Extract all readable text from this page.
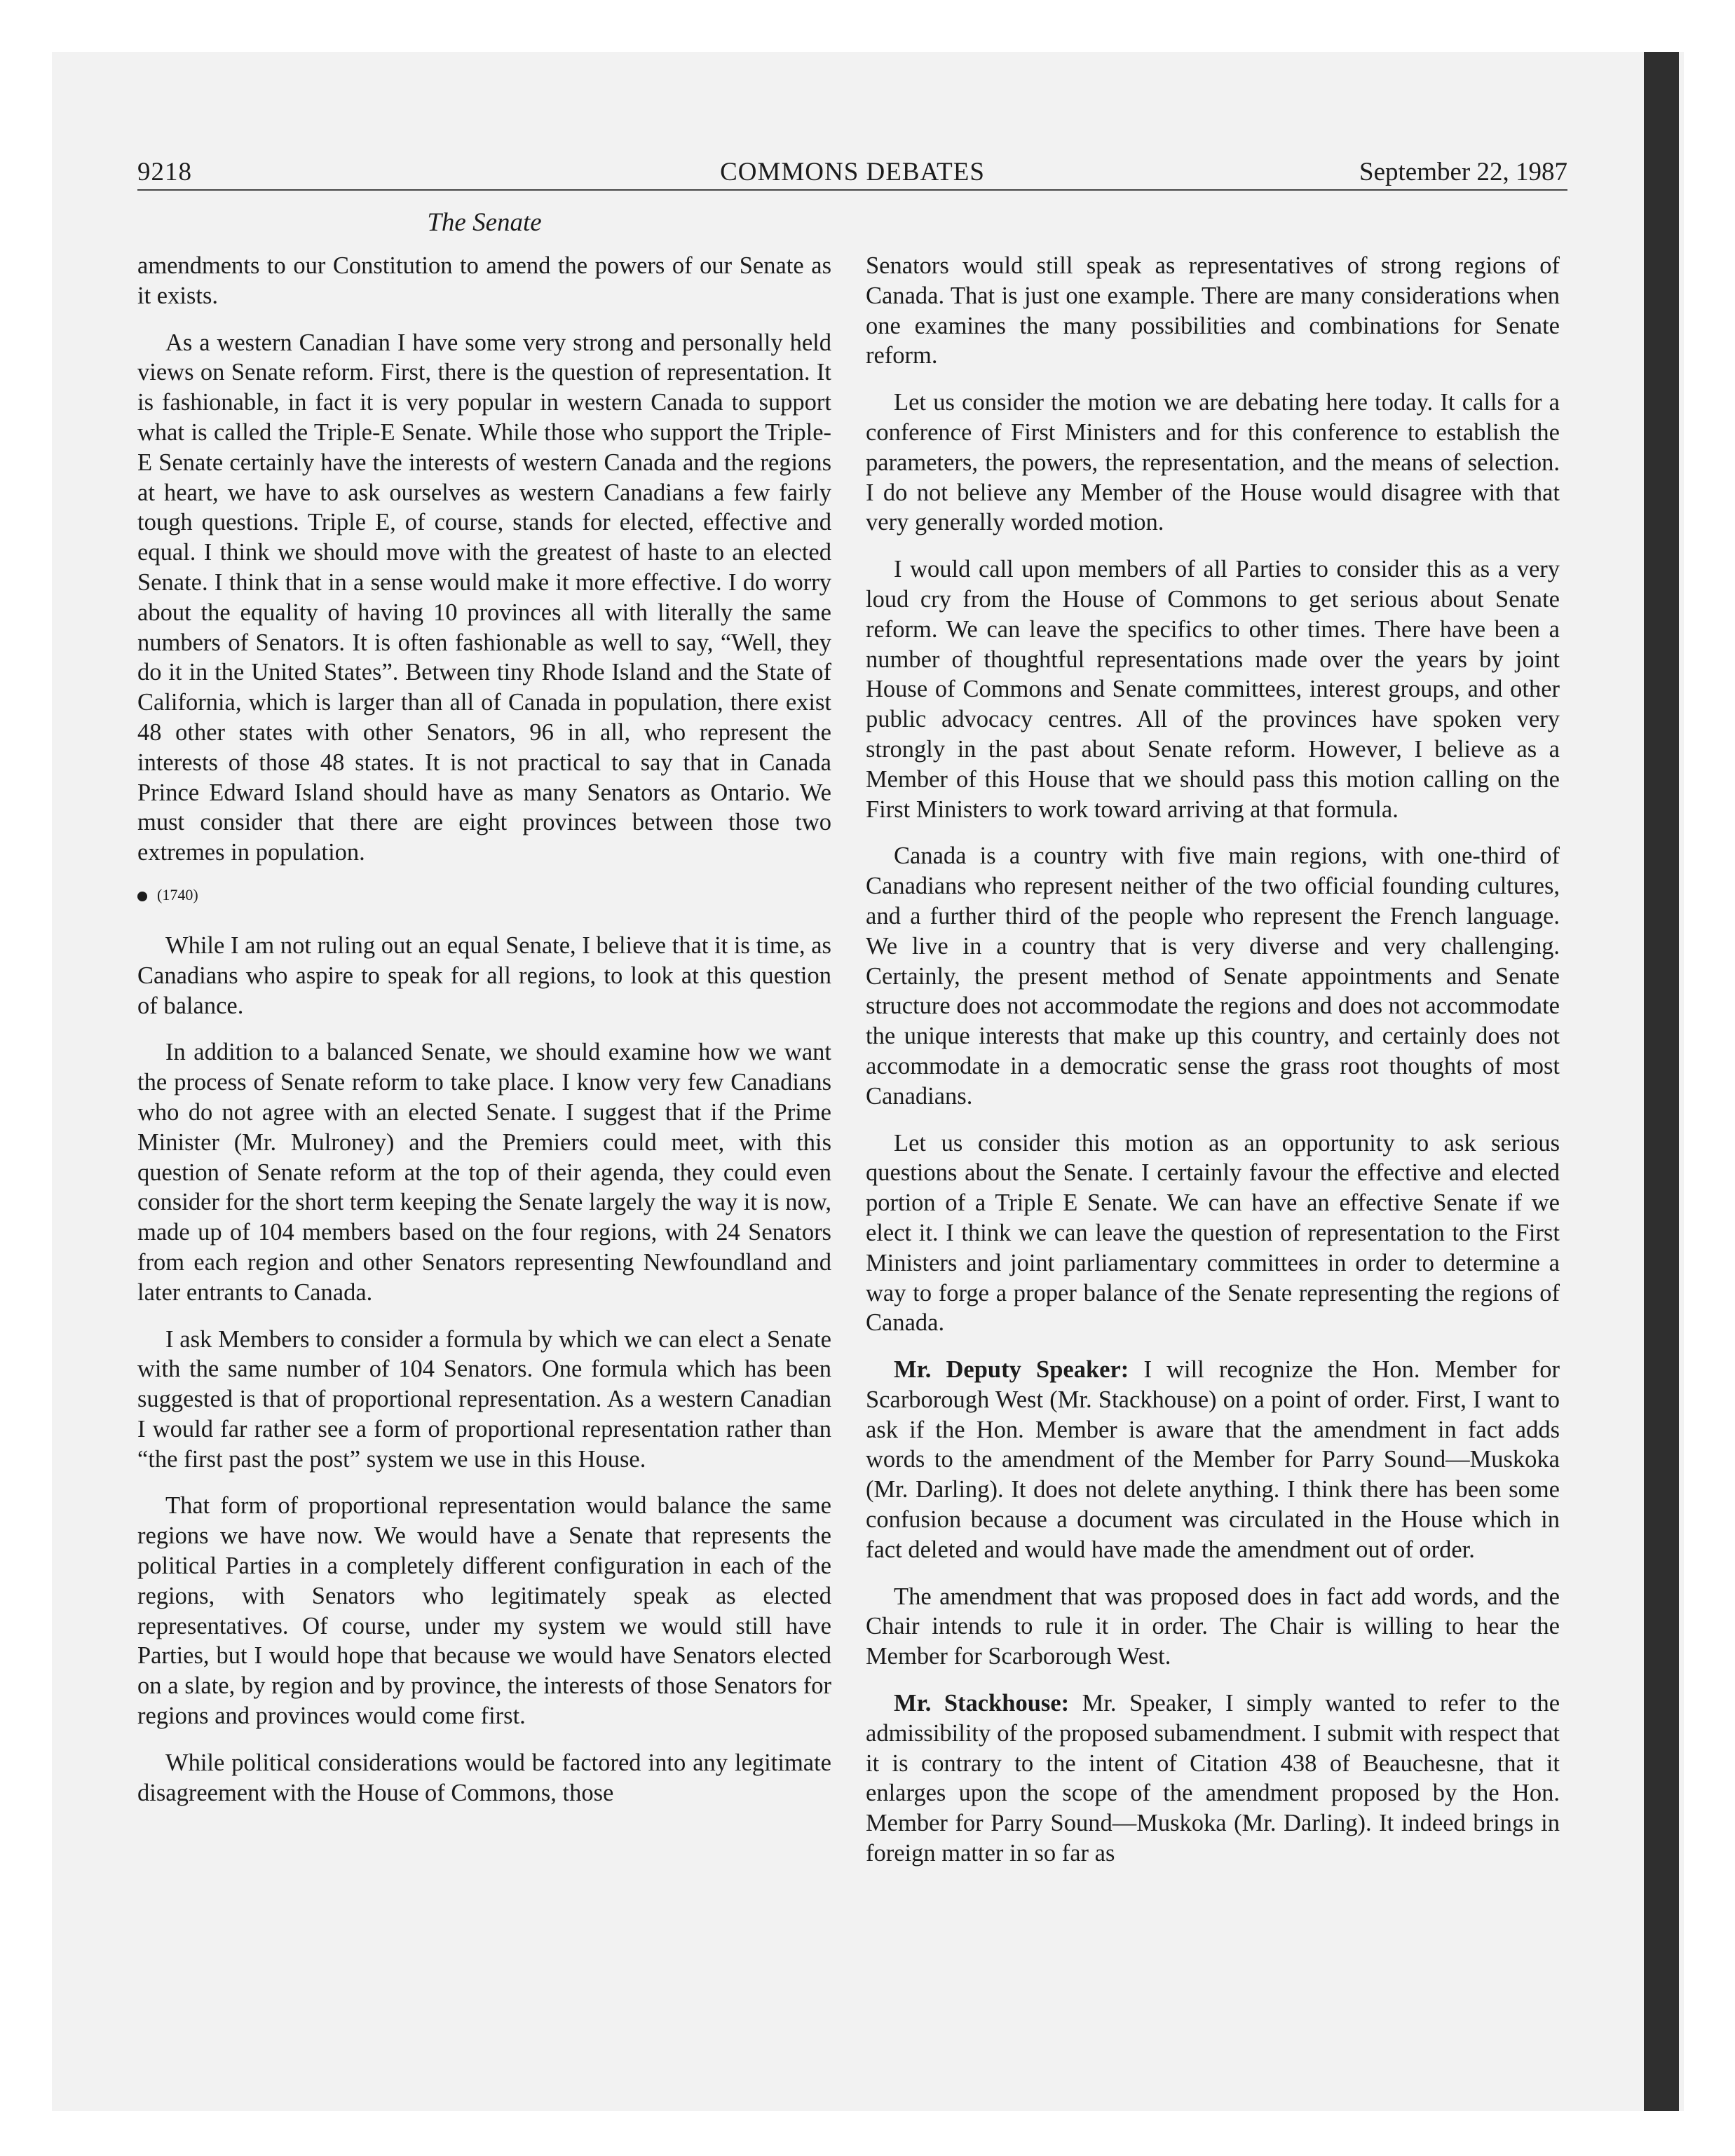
COMMONS DEBATES
9218	September 22, 1987
The Senate

amendments to our Constitution to amend the powers of our Senate as it exists.

As a western Canadian I have some very strong and personally held views on Senate reform. First, there is the question of representation. It is fashionable, in fact it is very popular in western Canada to support what is called the Triple-E Senate. While those who support the Triple-E Senate certainly have the interests of western Canada and the regions at heart, we have to ask ourselves as western Canadians a few fairly tough questions. Triple E, of course, stands for elected, effective and equal. I think we should move with the greatest of haste to an elected Senate. I think that in a sense would make it more effective. I do worry about the equality of having 10 provinces all with literally the same numbers of Senators. It is often fashionable as well to say, “Well, they do it in the United States”. Between tiny Rhode Island and the State of California, which is larger than all of Canada in population, there exist 48 other states with other Senators, 96 in all, who represent the interests of those 48 states. It is not practical to say that in Canada Prince Edward Island should have as many Senators as Ontario. We must consider that there are eight provinces between those two extremes in population.

(1740)

While I am not ruling out an equal Senate, I believe that it is time, as Canadians who aspire to speak for all regions, to look at this question of balance.

In addition to a balanced Senate, we should examine how we want the process of Senate reform to take place. I know very few Canadians who do not agree with an elected Senate. I suggest that if the Prime Minister (Mr. Mulroney) and the Premiers could meet, with this question of Senate reform at the top of their agenda, they could even consider for the short term keeping the Senate largely the way it is now, made up of 104 members based on the four regions, with 24 Senators from each region and other Senators representing Newfoundland and later entrants to Canada.

I ask Members to consider a formula by which we can elect a Senate with the same number of 104 Senators. One formula which has been suggested is that of proportional representation. As a western Canadian I would far rather see a form of proportional representation rather than “the first past the post” system we use in this House.

That form of proportional representation would balance the same regions we have now. We would have a Senate that represents the political Parties in a completely different configuration in each of the regions, with Senators who legitimately speak as elected representatives. Of course, under my system we would still have Parties, but I would hope that because we would have Senators elected on a slate, by region and by province, the interests of those Senators for regions and provinces would come first.

While political considerations would be factored into any legitimate disagreement with the House of Commons, those

Senators would still speak as representatives of strong regions of Canada. That is just one example. There are many considerations when one examines the many possibilities and combinations for Senate reform.

Let us consider the motion we are debating here today. It calls for a conference of First Ministers and for this conference to establish the parameters, the powers, the representation, and the means of selection. I do not believe any Member of the House would disagree with that very generally worded motion.

I would call upon members of all Parties to consider this as a very loud cry from the House of Commons to get serious about Senate reform. We can leave the specifics to other times. There have been a number of thoughtful representations made over the years by joint House of Commons and Senate committees, interest groups, and other public advocacy centres. All of the provinces have spoken very strongly in the past about Senate reform. However, I believe as a Member of this House that we should pass this motion calling on the First Ministers to work toward arriving at that formula.

Canada is a country with five main regions, with one-third of Canadians who represent neither of the two official founding cultures, and a further third of the people who represent the French language. We live in a country that is very diverse and very challenging. Certainly, the present method of Senate appointments and Senate structure does not accommodate the regions and does not accommodate the unique interests that make up this country, and certainly does not accommodate in a democratic sense the grass root thoughts of most Canadians.

Let us consider this motion as an opportunity to ask serious questions about the Senate. I certainly favour the effective and elected portion of a Triple E Senate. We can have an effective Senate if we elect it. I think we can leave the question of representation to the First Ministers and joint parliamentary committees in order to determine a way to forge a proper balance of the Senate representing the regions of Canada.

Mr. Deputy Speaker: I will recognize the Hon. Member for Scarborough West (Mr. Stackhouse) on a point of order. First, I want to ask if the Hon. Member is aware that the amendment in fact adds words to the amendment of the Member for Parry Sound—Muskoka (Mr. Darling). It does not delete anything. I think there has been some confusion because a document was circulated in the House which in fact deleted and would have made the amendment out of order.

The amendment that was proposed does in fact add words, and the Chair intends to rule it in order. The Chair is willing to hear the Member for Scarborough West.

Mr. Stackhouse: Mr. Speaker, I simply wanted to refer to the admissibility of the proposed subamendment. I submit with respect that it is contrary to the intent of Citation 438 of Beauchesne, that it enlarges upon the scope of the amendment proposed by the Hon. Member for Parry Sound—Muskoka (Mr. Darling). It indeed brings in foreign matter in so far as
